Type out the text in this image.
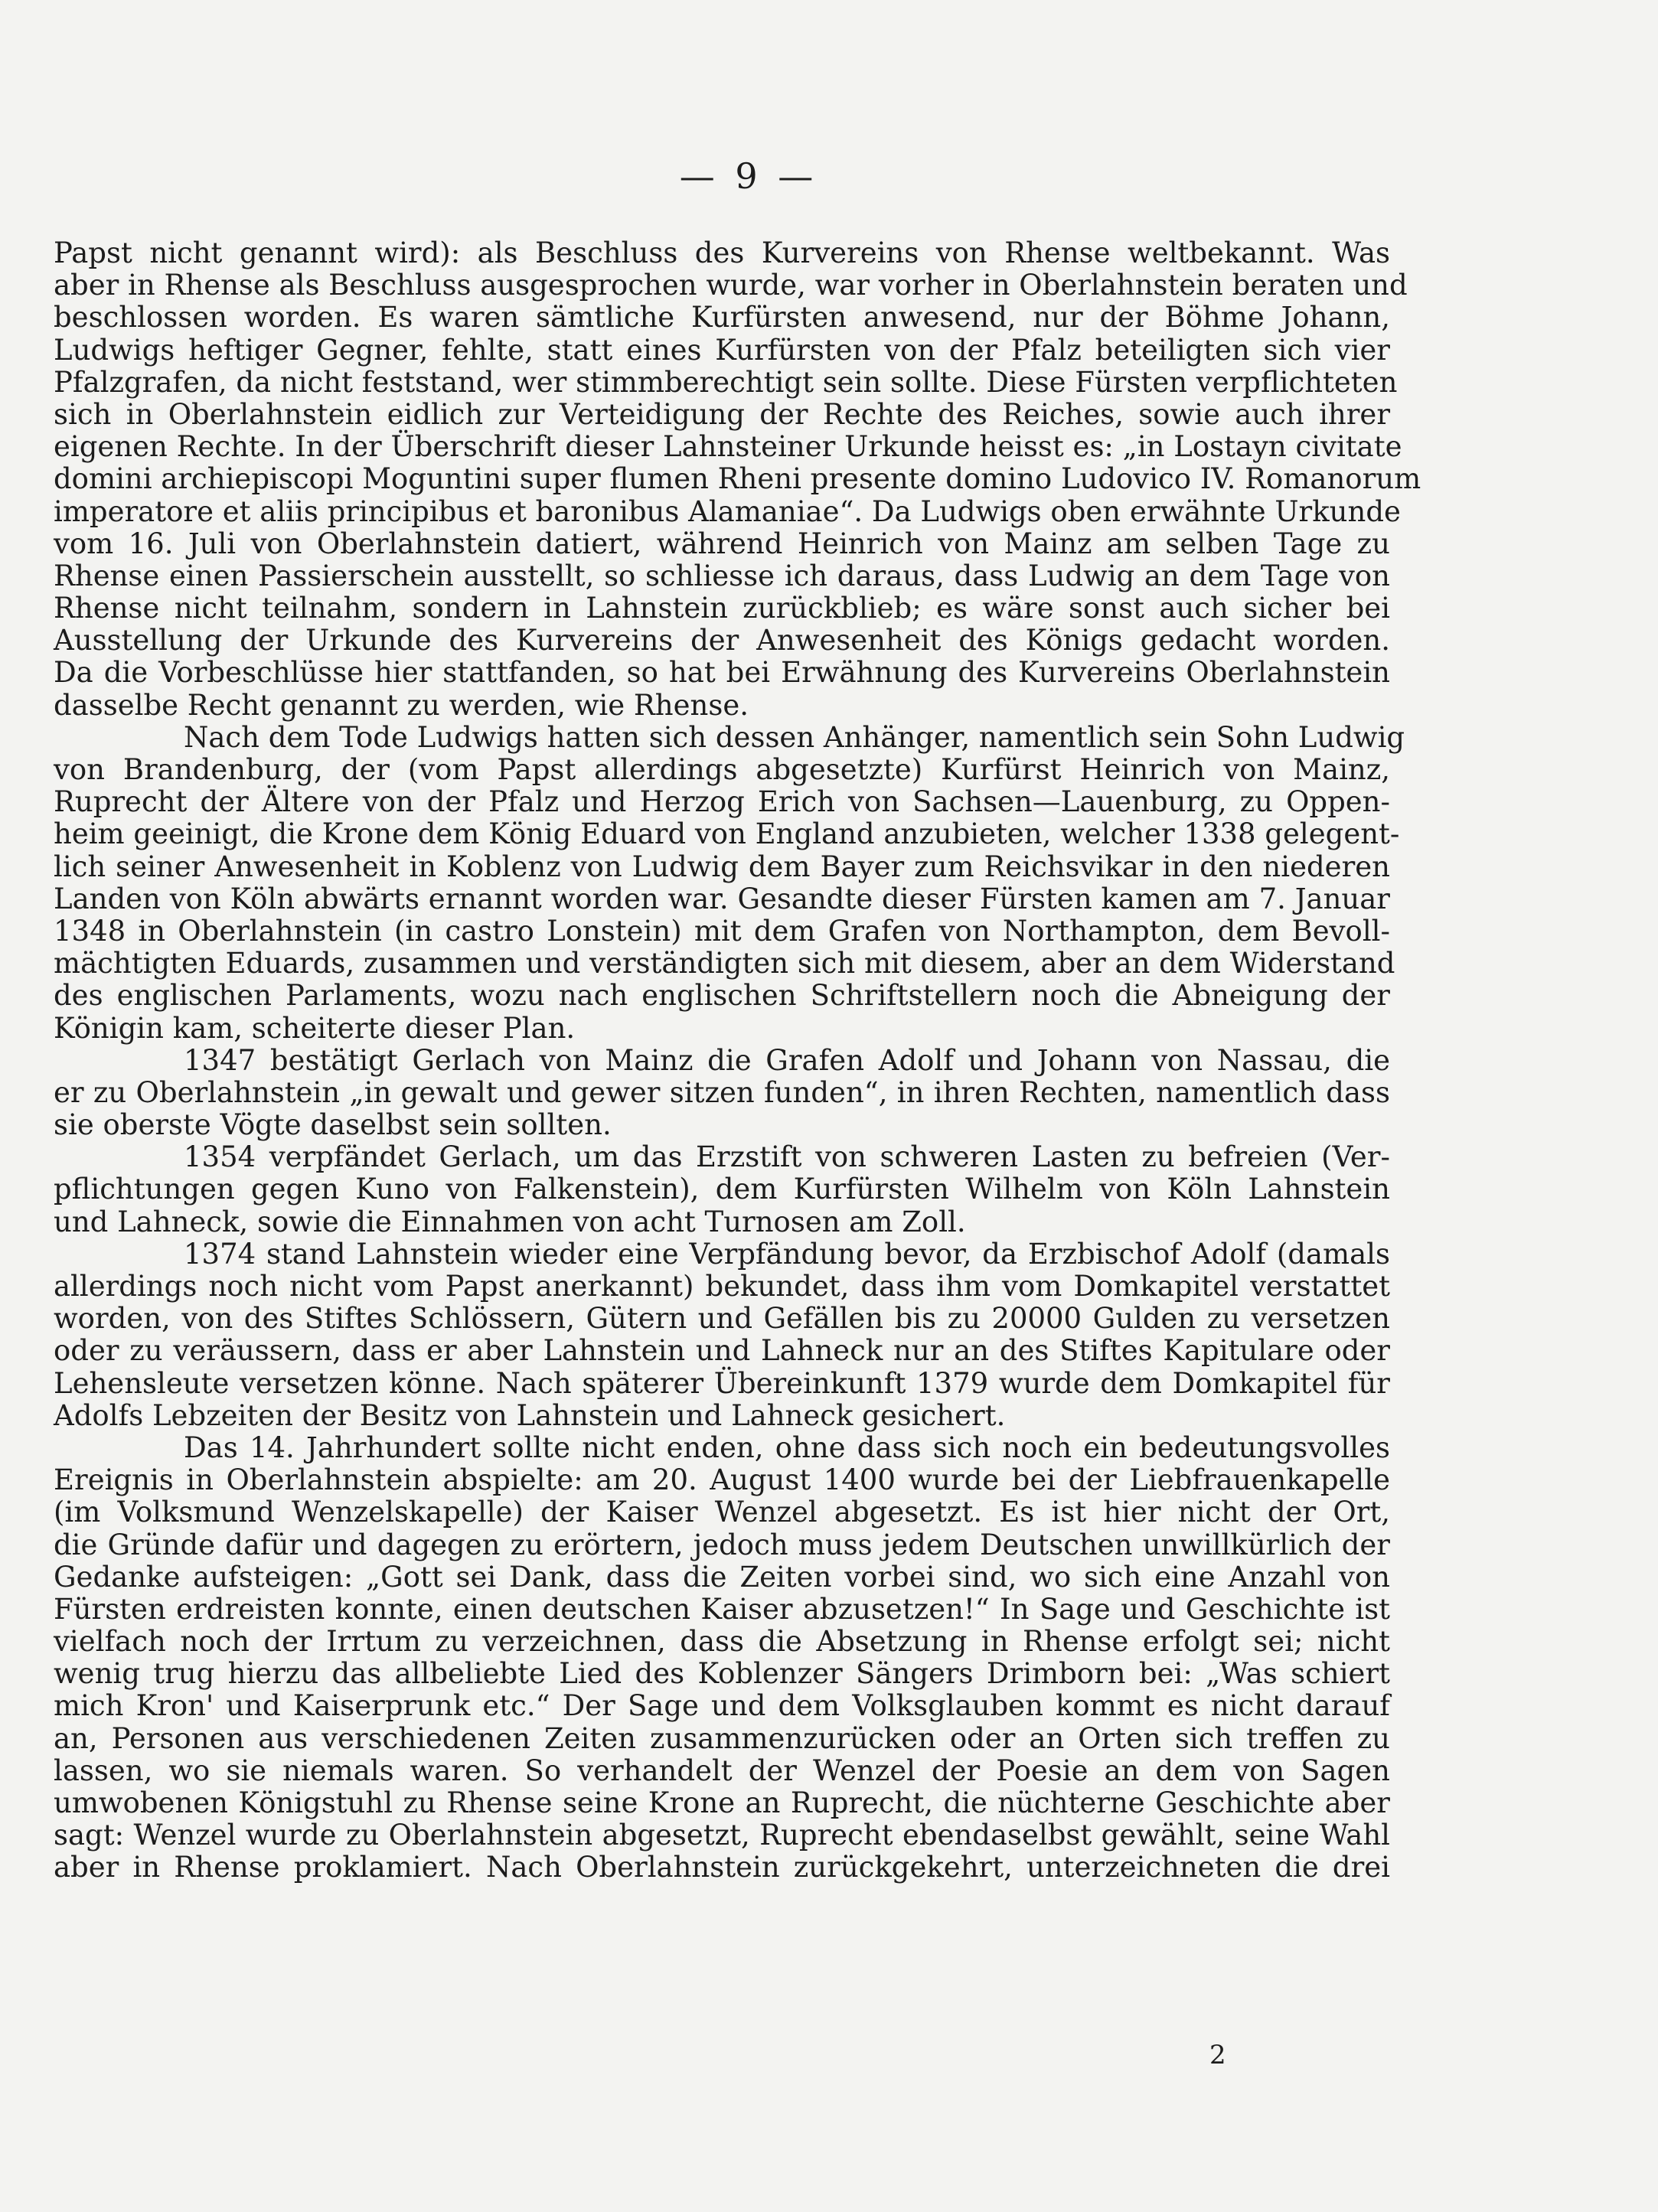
— 9 —
Papst nicht genannt wird): als Beschluss des Kurvereins von Rhense weltbekannt. Was
aber in Rhense als Beschluss ausgesprochen wurde, war vorher in Oberlahnstein beraten und
beschlossen worden. Es waren sämtliche Kurfürsten anwesend, nur der Böhme Johann,
Ludwigs heftiger Gegner, fehlte, statt eines Kurfürsten von der Pfalz beteiligten sich vier
Pfalzgrafen, da nicht feststand, wer stimmberechtigt sein sollte. Diese Fürsten verpflichteten
sich in Oberlahnstein eidlich zur Verteidigung der Rechte des Reiches, sowie auch ihrer
eigenen Rechte. In der Überschrift dieser Lahnsteiner Urkunde heisst es: „in Lostayn civitate
domini archiepiscopi Moguntini super flumen Rheni presente domino Ludovico IV. Romanorum
imperatore et aliis principibus et baronibus Alamaniae“. Da Ludwigs oben erwähnte Urkunde
vom 16. Juli von Oberlahnstein datiert, während Heinrich von Mainz am selben Tage zu
Rhense einen Passierschein ausstellt, so schliesse ich daraus, dass Ludwig an dem Tage von
Rhense nicht teilnahm, sondern in Lahnstein zurückblieb; es wäre sonst auch sicher bei
Ausstellung der Urkunde des Kurvereins der Anwesenheit des Königs gedacht worden.
Da die Vorbeschlüsse hier stattfanden, so hat bei Erwähnung des Kurvereins Oberlahnstein
dasselbe Recht genannt zu werden, wie Rhense.
Nach dem Tode Ludwigs hatten sich dessen Anhänger, namentlich sein Sohn Ludwig
von Brandenburg, der (vom Papst allerdings abgesetzte) Kurfürst Heinrich von Mainz,
Ruprecht der Ältere von der Pfalz und Herzog Erich von Sachsen—Lauenburg, zu Oppen-
heim geeinigt, die Krone dem König Eduard von England anzubieten, welcher 1338 gelegent-
lich seiner Anwesenheit in Koblenz von Ludwig dem Bayer zum Reichsvikar in den niederen
Landen von Köln abwärts ernannt worden war. Gesandte dieser Fürsten kamen am 7. Januar
1348 in Oberlahnstein (in castro Lonstein) mit dem Grafen von Northampton, dem Bevoll-
mächtigten Eduards, zusammen und verständigten sich mit diesem, aber an dem Widerstand
des englischen Parlaments, wozu nach englischen Schriftstellern noch die Abneigung der
Königin kam, scheiterte dieser Plan.
1347 bestätigt Gerlach von Mainz die Grafen Adolf und Johann von Nassau, die
er zu Oberlahnstein „in gewalt und gewer sitzen funden“, in ihren Rechten, namentlich dass
sie oberste Vögte daselbst sein sollten.
1354 verpfändet Gerlach, um das Erzstift von schweren Lasten zu befreien (Ver-
pflichtungen gegen Kuno von Falkenstein), dem Kurfürsten Wilhelm von Köln Lahnstein
und Lahneck, sowie die Einnahmen von acht Turnosen am Zoll.
1374 stand Lahnstein wieder eine Verpfändung bevor, da Erzbischof Adolf (damals
allerdings noch nicht vom Papst anerkannt) bekundet, dass ihm vom Domkapitel verstattet
worden, von des Stiftes Schlössern, Gütern und Gefällen bis zu 20000 Gulden zu versetzen
oder zu veräussern, dass er aber Lahnstein und Lahneck nur an des Stiftes Kapitulare oder
Lehensleute versetzen könne. Nach späterer Übereinkunft 1379 wurde dem Domkapitel für
Adolfs Lebzeiten der Besitz von Lahnstein und Lahneck gesichert.
Das 14. Jahrhundert sollte nicht enden, ohne dass sich noch ein bedeutungsvolles
Ereignis in Oberlahnstein abspielte: am 20. August 1400 wurde bei der Liebfrauenkapelle
(im Volksmund Wenzelskapelle) der Kaiser Wenzel abgesetzt. Es ist hier nicht der Ort,
die Gründe dafür und dagegen zu erörtern, jedoch muss jedem Deutschen unwillkürlich der
Gedanke aufsteigen: „Gott sei Dank, dass die Zeiten vorbei sind, wo sich eine Anzahl von
Fürsten erdreisten konnte, einen deutschen Kaiser abzusetzen!“ In Sage und Geschichte ist
vielfach noch der Irrtum zu verzeichnen, dass die Absetzung in Rhense erfolgt sei; nicht
wenig trug hierzu das allbeliebte Lied des Koblenzer Sängers Drimborn bei: „Was schiert
mich Kron' und Kaiserprunk etc.“ Der Sage und dem Volksglauben kommt es nicht darauf
an, Personen aus verschiedenen Zeiten zusammenzurücken oder an Orten sich treffen zu
lassen, wo sie niemals waren. So verhandelt der Wenzel der Poesie an dem von Sagen
umwobenen Königstuhl zu Rhense seine Krone an Ruprecht, die nüchterne Geschichte aber
sagt: Wenzel wurde zu Oberlahnstein abgesetzt, Ruprecht ebendaselbst gewählt, seine Wahl
aber in Rhense proklamiert. Nach Oberlahnstein zurückgekehrt, unterzeichneten die drei
2
